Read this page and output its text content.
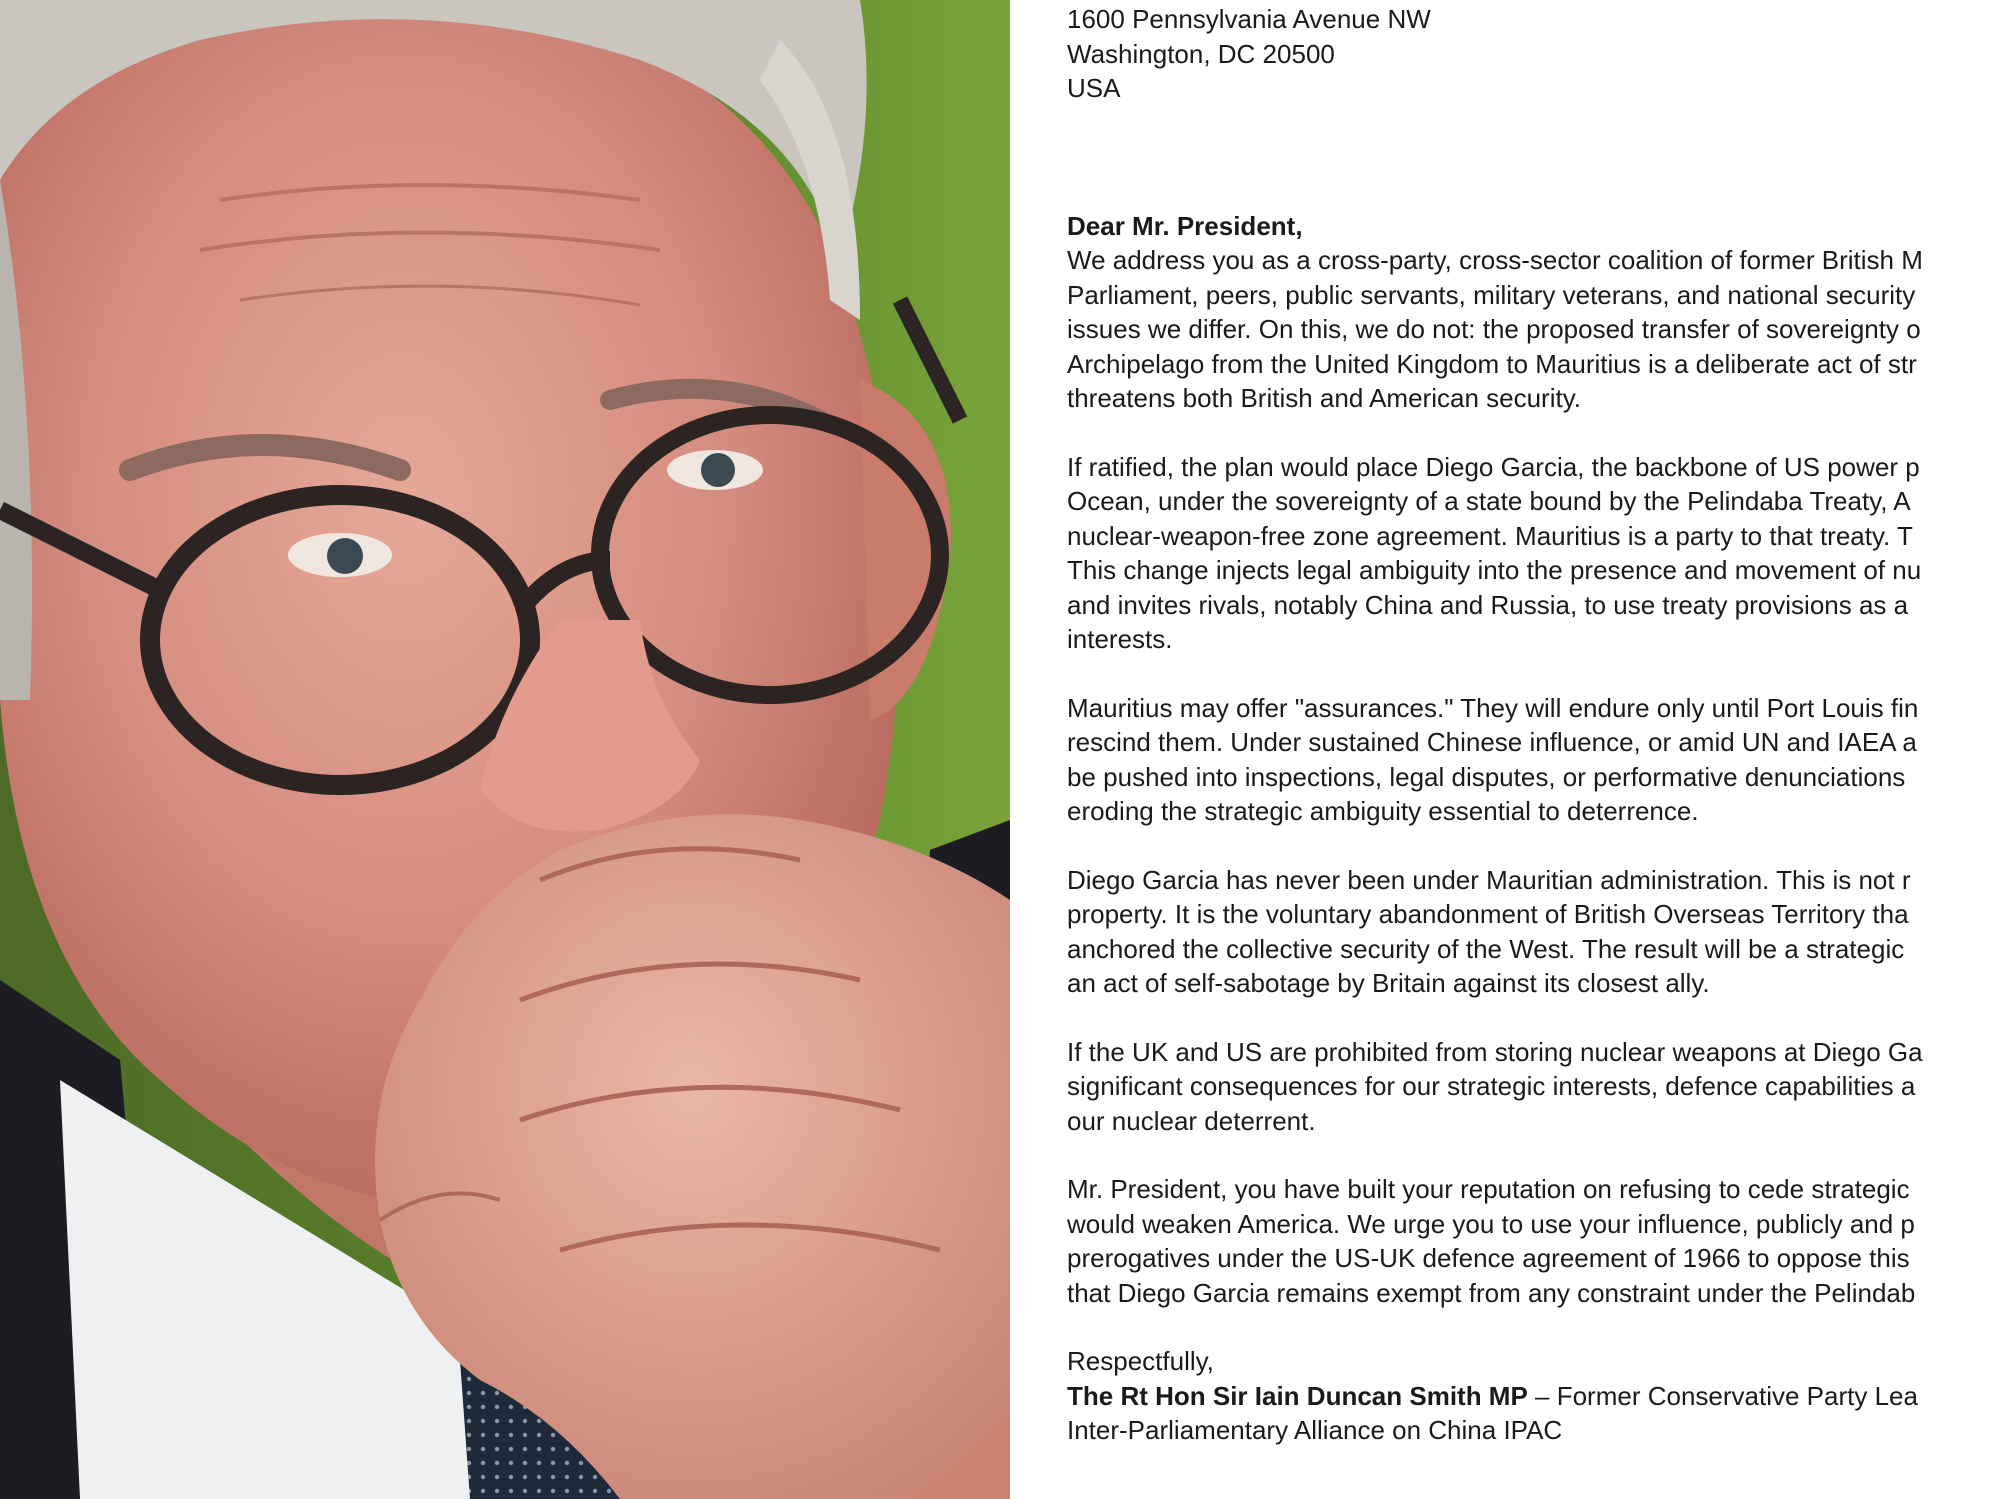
1600 Pennsylvania Avenue NW
Washington, DC 20500
USA
Dear Mr. President,
We address you as a cross-party, cross-sector coalition of former British M
Parliament, peers, public servants, military veterans, and national security
issues we differ. On this, we do not: the proposed transfer of sovereignty o
Archipelago from the United Kingdom to Mauritius is a deliberate act of str
threatens both British and American security.
If ratified, the plan would place Diego Garcia, the backbone of US power p
Ocean, under the sovereignty of a state bound by the Pelindaba Treaty, A
nuclear-weapon-free zone agreement. Mauritius is a party to that treaty. T
This change injects legal ambiguity into the presence and movement of nu
and invites rivals, notably China and Russia, to use treaty provisions as a
interests.
Mauritius may offer "assurances." They will endure only until Port Louis fin
rescind them. Under sustained Chinese influence, or amid UN and IAEA a
be pushed into inspections, legal disputes, or performative denunciations
eroding the strategic ambiguity essential to deterrence.
Diego Garcia has never been under Mauritian administration. This is not r
property. It is the voluntary abandonment of British Overseas Territory tha
anchored the collective security of the West. The result will be a strategic
an act of self-sabotage by Britain against its closest ally.
If the UK and US are prohibited from storing nuclear weapons at Diego Ga
significant consequences for our strategic interests, defence capabilities a
our nuclear deterrent.
Mr. President, you have built your reputation on refusing to cede strategic
would weaken America. We urge you to use your influence, publicly and p
prerogatives under the US-UK defence agreement of 1966 to oppose this
that Diego Garcia remains exempt from any constraint under the Pelindab
Respectfully,
The Rt Hon Sir Iain Duncan Smith MP – Former Conservative Party Lea
Inter-Parliamentary Alliance on China IPAC
